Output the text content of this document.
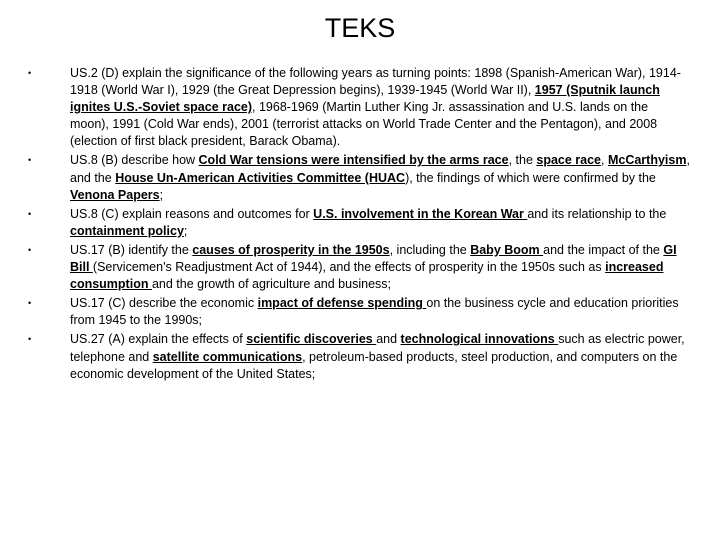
TEKS
•	US.2 (D) explain the significance of the following years as turning points: 1898 (Spanish-American War), 1914-1918 (World War I), 1929 (the Great Depression begins), 1939-1945 (World War II), 1957 (Sputnik launch ignites U.S.-Soviet space race), 1968-1969 (Martin Luther King Jr. assassination and U.S. lands on the moon), 1991 (Cold War ends), 2001 (terrorist attacks on World Trade Center and the Pentagon), and 2008 (election of first black president, Barack Obama).
•	US.8 (B) describe how Cold War tensions were intensified by the arms race, the space race, McCarthyism, and the House Un-American Activities Committee (HUAC), the findings of which were confirmed by the Venona Papers;
•	US.8 (C) explain reasons and outcomes for U.S. involvement in the Korean War and its relationship to the containment policy;
•	US.17 (B) identify the causes of prosperity in the 1950s, including the Baby Boom and the impact of the GI Bill (Servicemen's Readjustment Act of 1944), and the effects of prosperity in the 1950s such as increased consumption and the growth of agriculture and business;
•	US.17 (C) describe the economic impact of defense spending on the business cycle and education priorities from 1945 to the 1990s;
•	US.27 (A) explain the effects of scientific discoveries and technological innovations such as electric power, telephone and satellite communications, petroleum-based products, steel production, and computers on the economic development of the United States;
